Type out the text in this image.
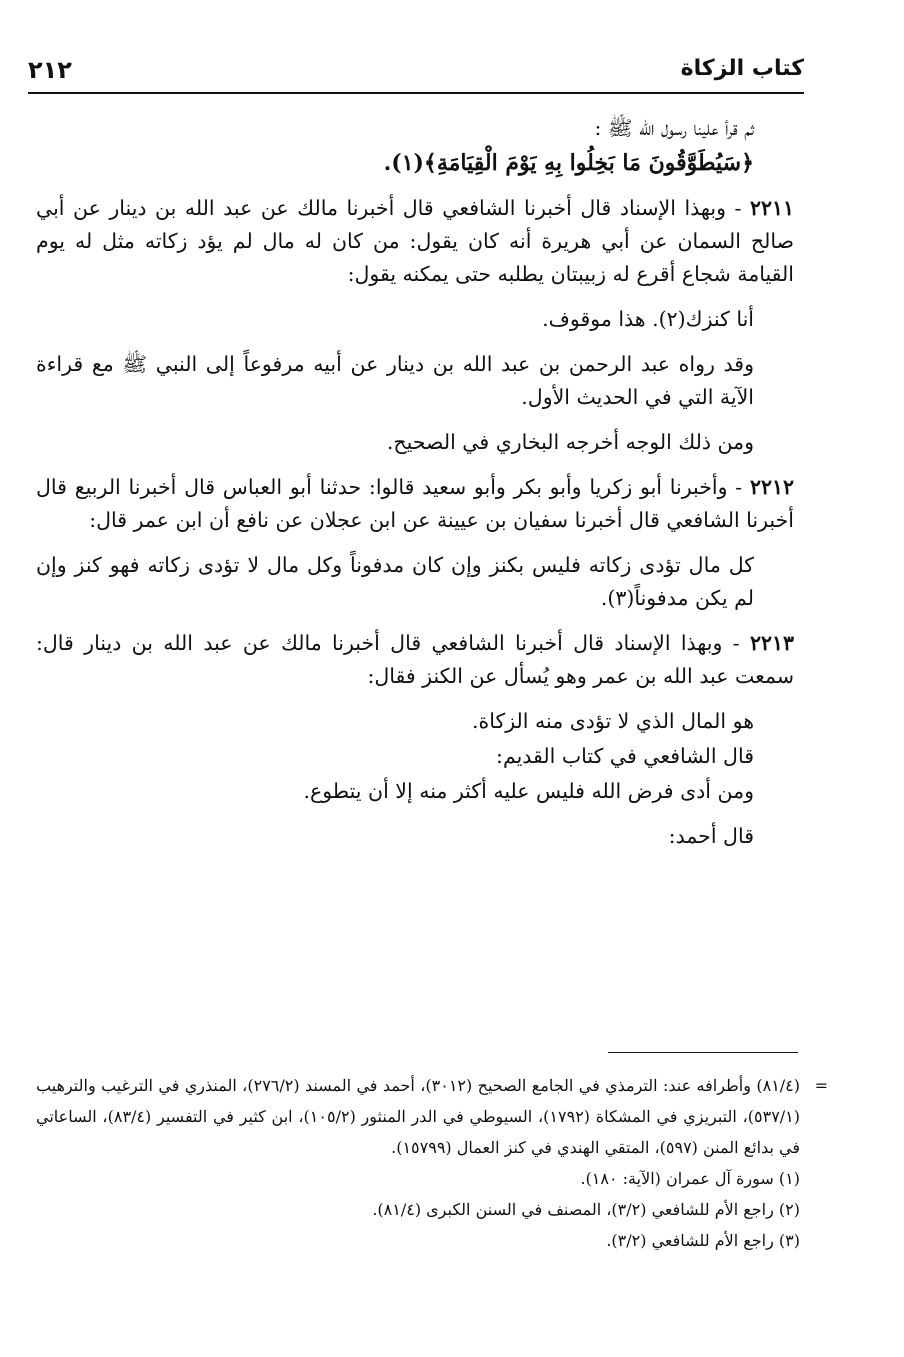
كتاب الزكاة
٢١٢

ثم قرأ علينا رسول الله ﷺ :

﴿سَيُطَوَّقُونَ مَا بَخِلُوا بِهِ يَوْمَ الْقِيَامَةِ﴾(١).

٢٢١١ - وبهذا الإسناد قال أخبرنا الشافعي قال أخبرنا مالك عن عبد الله بن دينار عن أبي صالح السمان عن أبي هريرة أنه كان يقول: من كان له مال لم يؤد زكاته مثل له يوم القيامة شجاع أقرع له زبيبتان يطلبه حتى يمكنه يقول:

أنا كنزك(٢). هذا موقوف.

وقد رواه عبد الرحمن بن عبد الله بن دينار عن أبيه مرفوعاً إلى النبي ﷺ مع قراءة الآية التي في الحديث الأول.

ومن ذلك الوجه أخرجه البخاري في الصحيح.

٢٢١٢ - وأخبرنا أبو زكريا وأبو بكر وأبو سعيد قالوا: حدثنا أبو العباس قال أخبرنا الربيع قال أخبرنا الشافعي قال أخبرنا سفيان بن عيينة عن ابن عجلان عن نافع أن ابن عمر قال:

كل مال تؤدى زكاته فليس بكنز وإن كان مدفوناً وكل مال لا تؤدى زكاته فهو كنز وإن لم يكن مدفوناً(٣).

٢٢١٣ - وبهذا الإسناد قال أخبرنا الشافعي قال أخبرنا مالك عن عبد الله بن دينار قال: سمعت عبد الله بن عمر وهو يُسأل عن الكنز فقال:

هو المال الذي لا تؤدى منه الزكاة.

قال الشافعي في كتاب القديم:

ومن أدى فرض الله فليس عليه أكثر منه إلا أن يتطوع.

قال أحمد:

=
(٨١/٤) وأطرافه عند: الترمذي في الجامع الصحيح (٣٠١٢)، أحمد في المسند (٢٧٦/٢)، المنذري في الترغيب والترهيب (٥٣٧/١)، التبريزي في المشكاة (١٧٩٢)، السيوطي في الدر المنثور (١٠٥/٢)، ابن كثير في التفسير (٨٣/٤)، الساعاتي في بدائع المنن (٥٩٧)، المتقي الهندي في كنز العمال (١٥٧٩٩).

(١) سورة آل عمران (الآية: ١٨٠).

(٢) راجع الأم للشافعي (٣/٢)، المصنف في السنن الكبرى (٨١/٤).

(٣) راجع الأم للشافعي (٣/٢).
